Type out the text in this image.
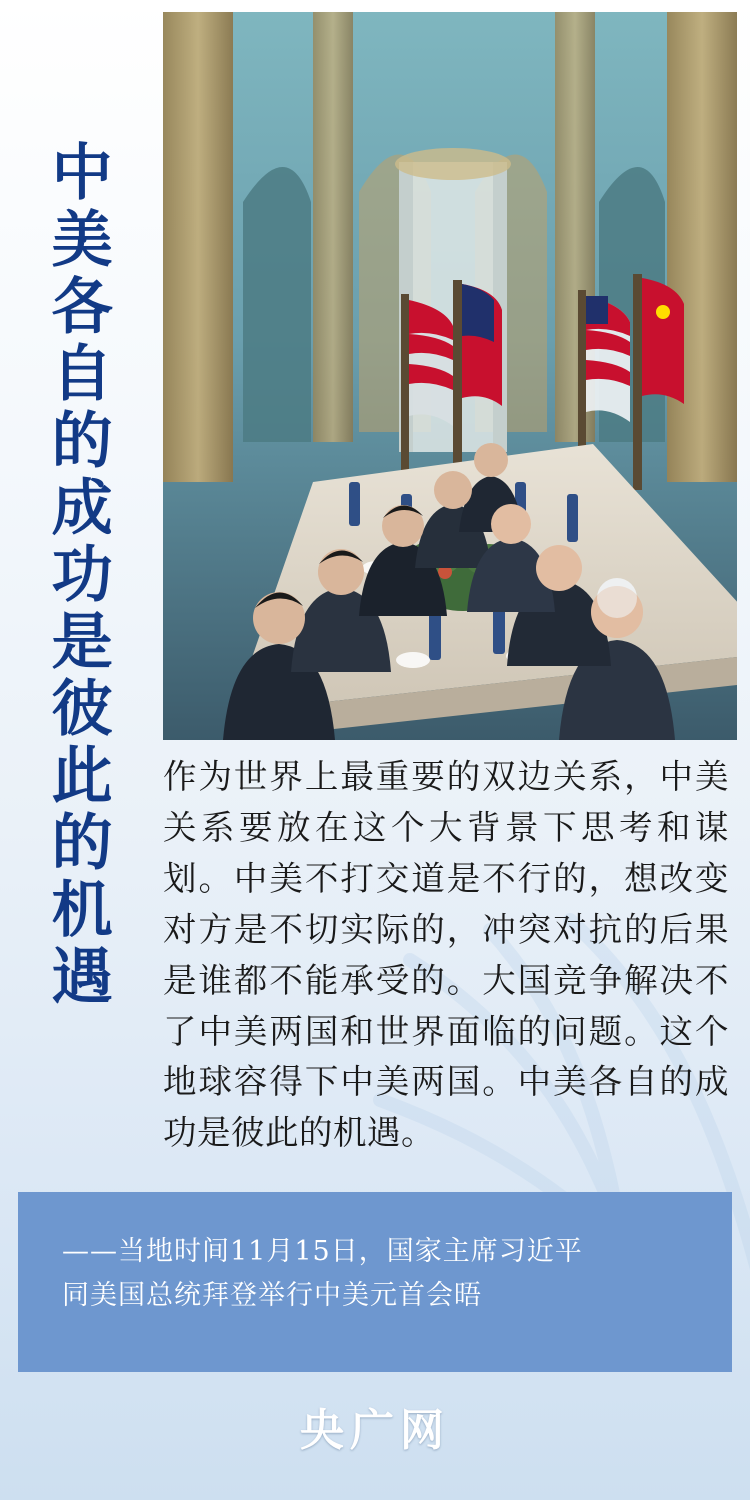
中美各自的成功是彼此的机遇 作为世界上最重要的双边关系，中美关系要放在这个大背景下思考和谋划。中美不打交道是不行的，想改变对方是不切实际的，冲突对抗的后果是谁都不能承受的。大国竞争解决不了中美两国和世界面临的问题。这个地球容得下中美两国。中美各自的成功是彼此的机遇。
——当地时间11月15日，国家主席习近平
同美国总统拜登举行中美元首会晤
央广网
